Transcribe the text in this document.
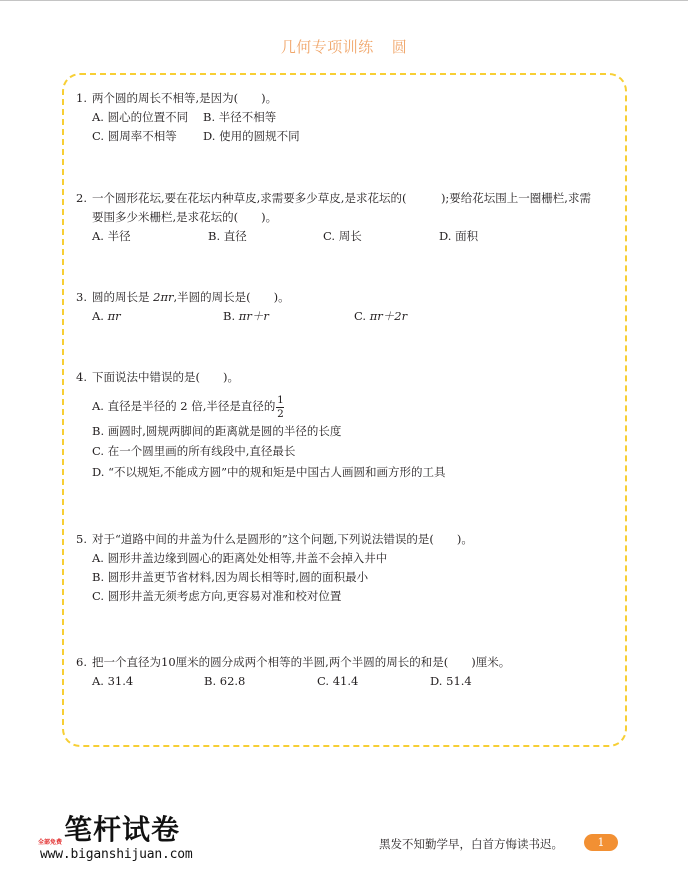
几何专项训练 圆
1. 两个圆的周长不相等,是因为(　　)。
A. 圆心的位置不同	B. 半径不相等
C. 圆周率不相等	D. 使用的圆规不同
2. 一个圆形花坛,要在花坛内种草皮,求需要多少草皮,是求花坛的(　　　);要给花坛围上一圈栅栏,求需
要围多少米栅栏,是求花坛的(　　)。
A. 半径	B. 直径	C. 周长	D. 面积
3. 圆的周长是 2πr,半圆的周长是(　　)。
A. πr	B. πr＋r	C. πr＋2r
4. 下面说法中错误的是(　　)。
A. 直径是半径的 2 倍,半径是直径的 $\frac{1}{2}$
B. 画圆时,圆规两脚间的距离就是圆的半径的长度
C. 在一个圆里画的所有线段中,直径最长
D. “不以规矩,不能成方圆”中的规和矩是中国古人画圆和画方形的工具
5. 对于“道路中间的井盖为什么是圆形的”这个问题,下列说法错误的是(　　)。
A. 圆形井盖边缘到圆心的距离处处相等,井盖不会掉入井中
B. 圆形井盖更节省材料,因为周长相等时,圆的面积最小
C. 圆形井盖无须考虑方向,更容易对准和校对位置
6. 把一个直径为10厘米的圆分成两个相等的半圆,两个半圆的周长的和是(　　)厘米。
A. 31.4	B. 62.8	C. 41.4	D. 51.4
笔杆试卷
全部免费
www.biganshijuan.com
黑发不知勤学早，白首方悔读书迟。	1
